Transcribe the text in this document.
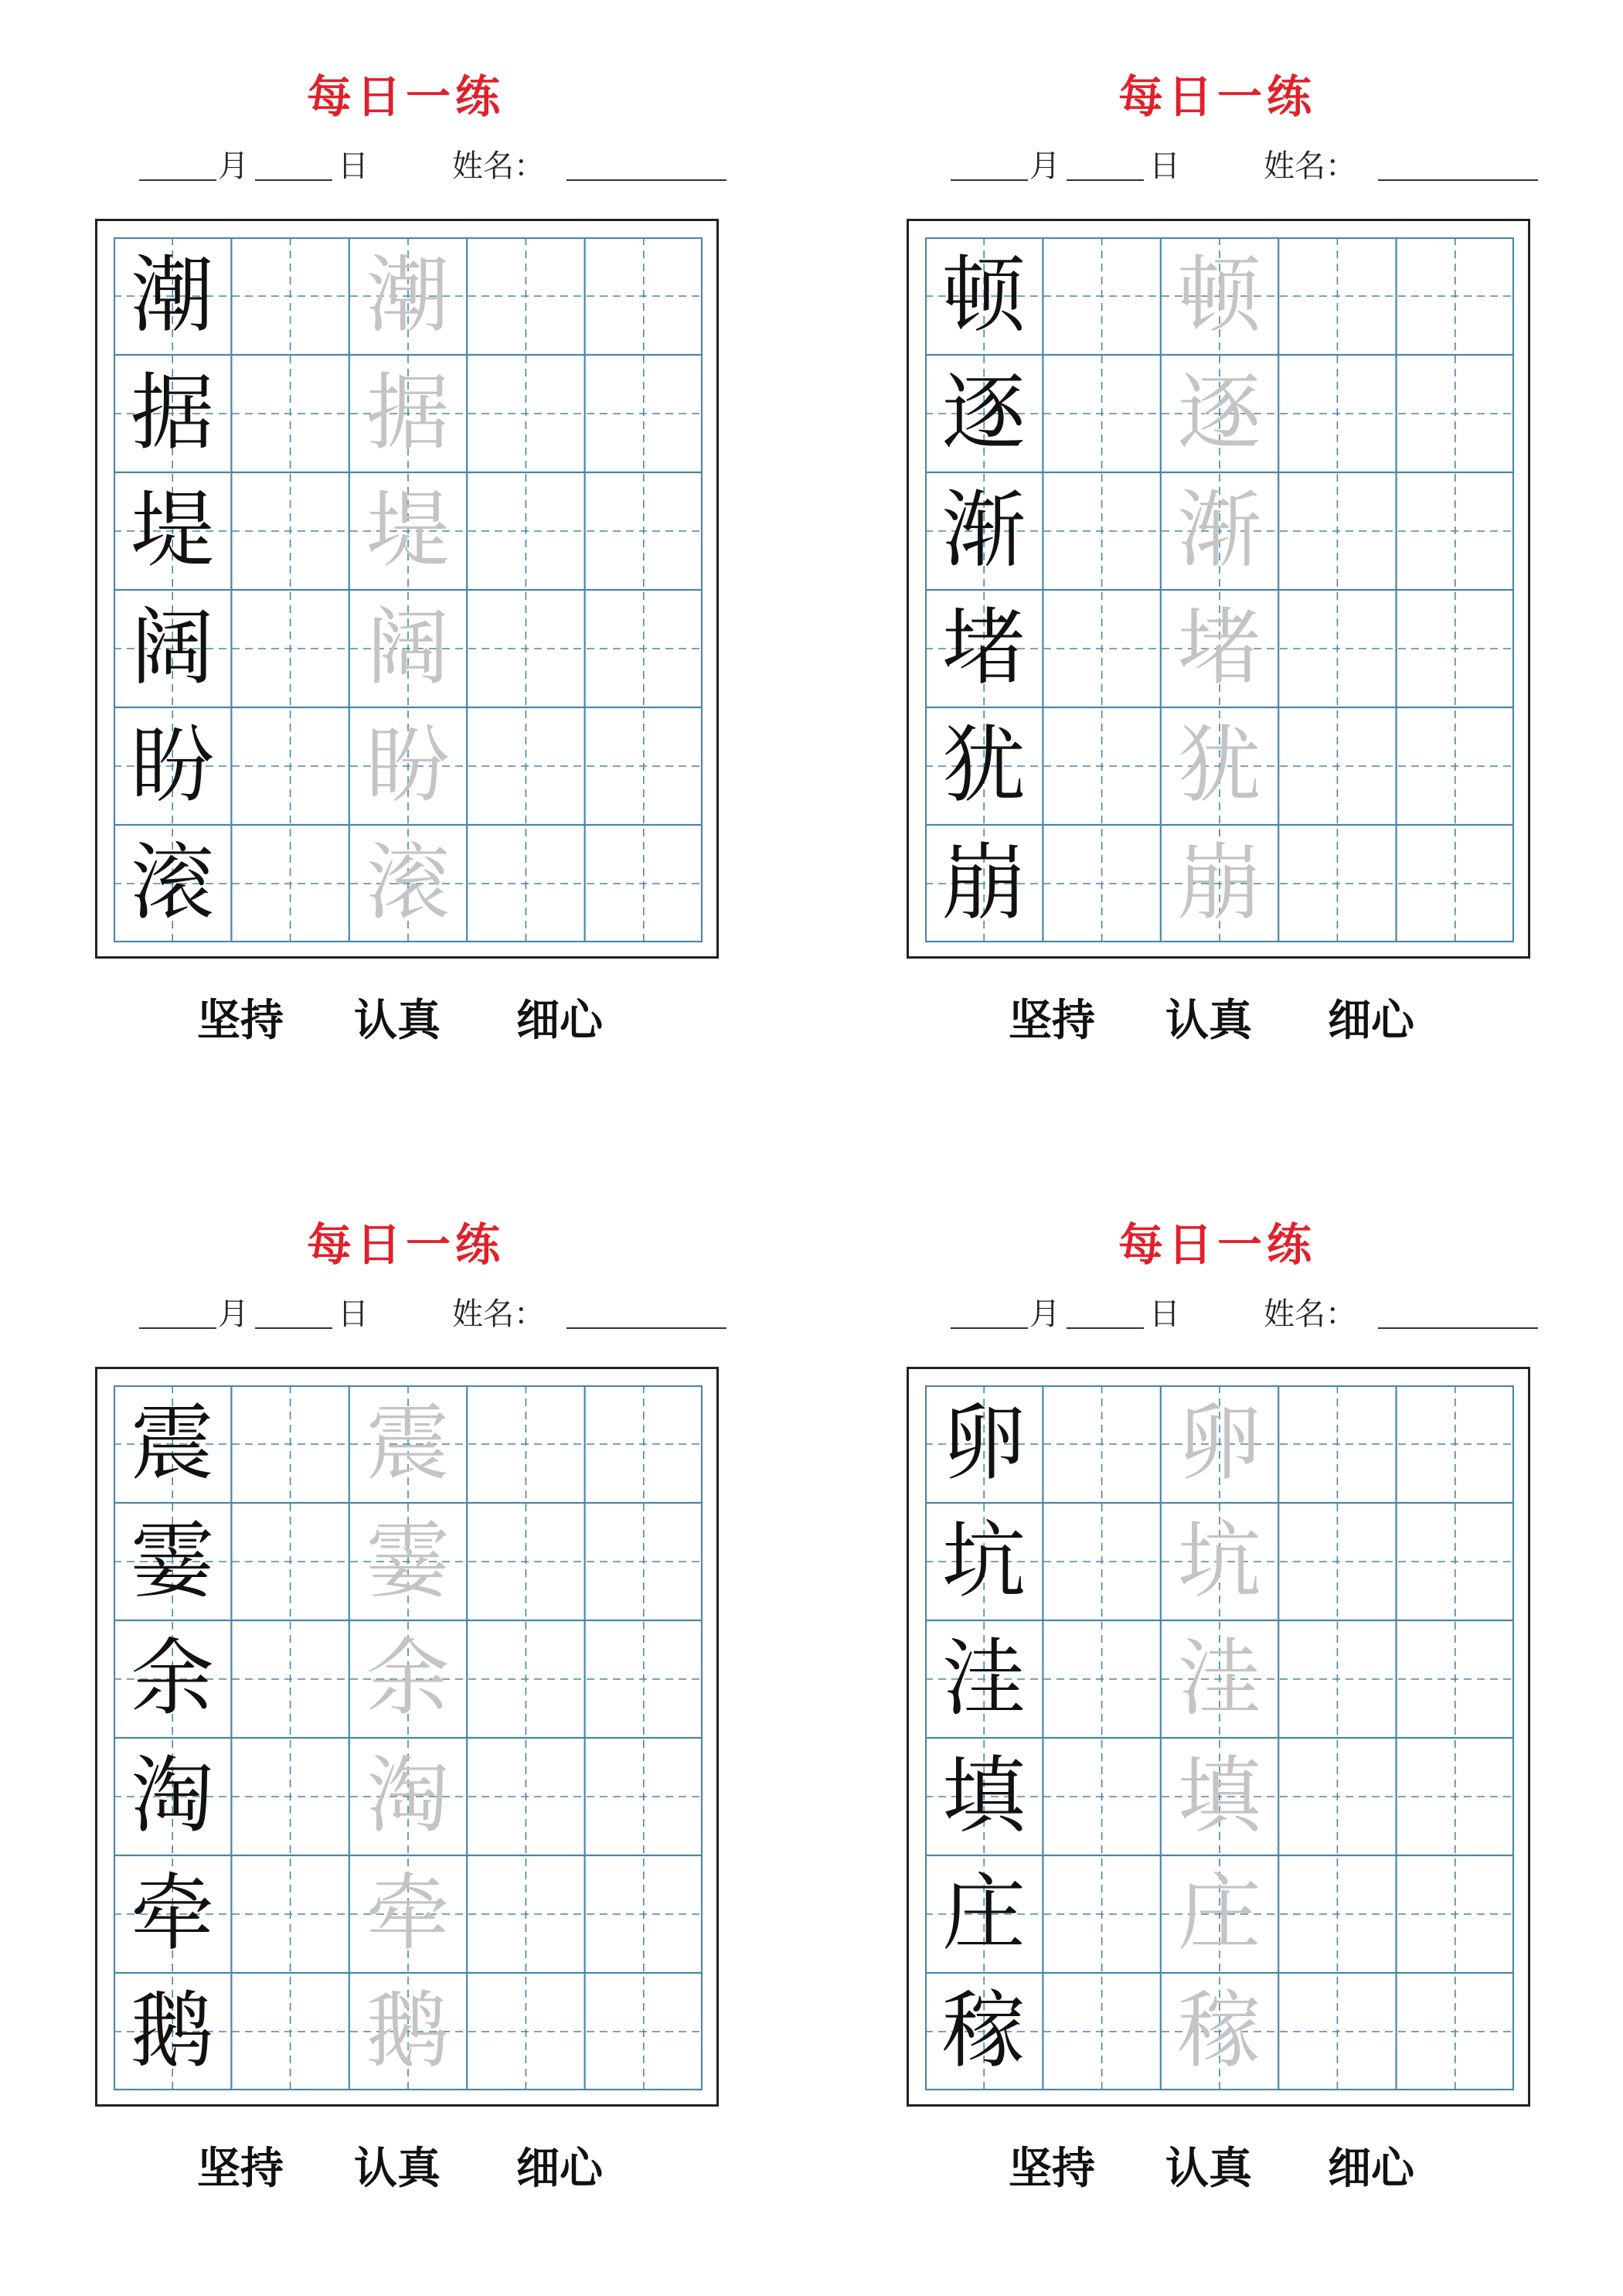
每日一练
月	日	姓名：
潮 潮
据 据
堤 堤
阔 阔
盼 盼
滚 滚
坚持 认真 细心
每日一练
月	日	姓名：
顿 顿
逐 逐
渐 渐
堵 堵
犹 犹
崩 崩
坚持 认真 细心
每日一练
月	日	姓名：
震 震
霎 霎
余 余
淘 淘
牵 牵
鹅 鹅
坚持 认真 细心
每日一练
月	日	姓名：
卵 卵
坑 坑
洼 洼
填 填
庄 庄
稼 稼
坚持 认真 细心
